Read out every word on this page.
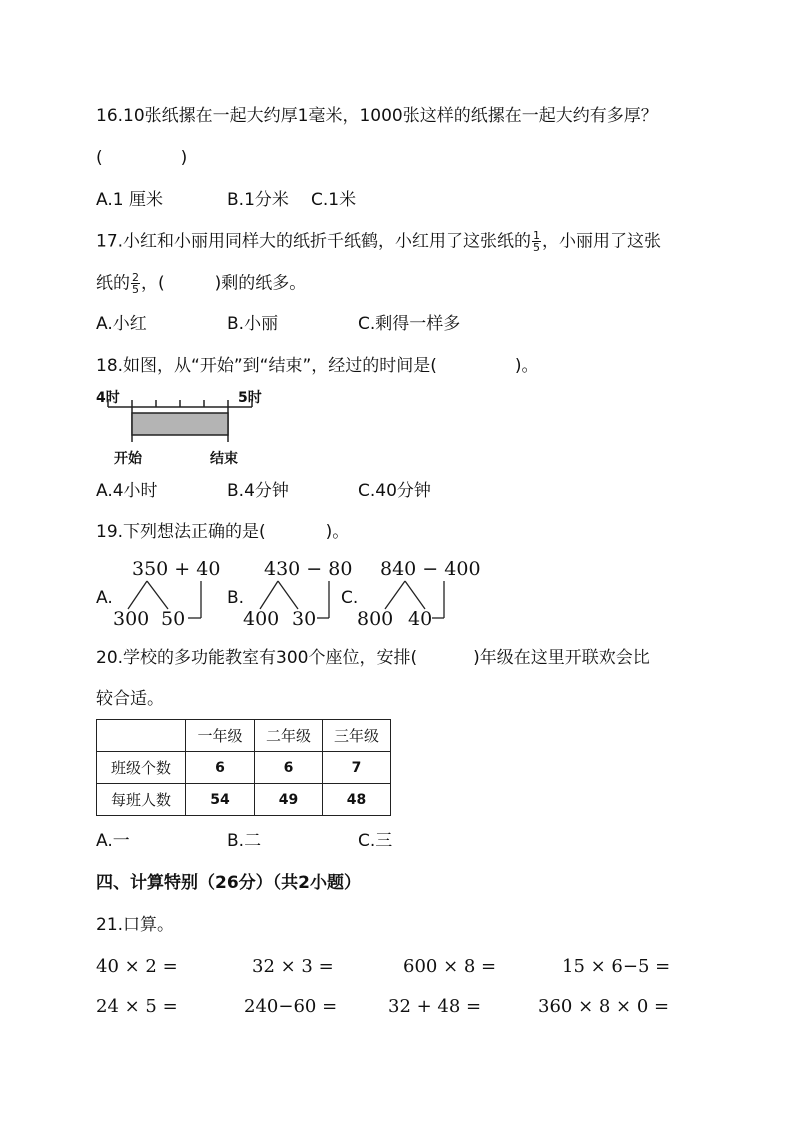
16.10张纸摞在一起大约厚1毫米，1000张这样的纸摞在一起大约有多厚？
(	)
A.1 厘米	B.1分米 C.1米
17.小红和小丽用同样大的纸折千纸鹤，小红用了这张纸的 $\frac{1}{5}$ ，小丽用了这张
纸的 $\frac{2}{5}$ ，(	)剩的纸多。
A.小红	B.小丽	C.剩得一样多
18.如图，从“开始”到“结束”，经过的时间是(	)。
4时	5时
开始	结束
A.4小时	B.4分钟	C.40分钟
19.下列想法正确的是(	)。
350 + 40
A.
300 50
430 − 80
B.
400 30
840 − 400
C.
800 40
20.学校的多功能教室有300个座位，安排(	)年级在这里开联欢会比
较合适。
	一年级	二年级	三年级
班级个数	6	6	7
每班人数	54	49	48
A.一	B.二	C.三
四、计算特别（26分）（共2小题）
21.口算。
40 × 2 =	32 × 3 =	600 × 8 =	15 × 6−5 =
24 × 5 =	240−60 =	32 + 48 =	360 × 8 × 0 =
